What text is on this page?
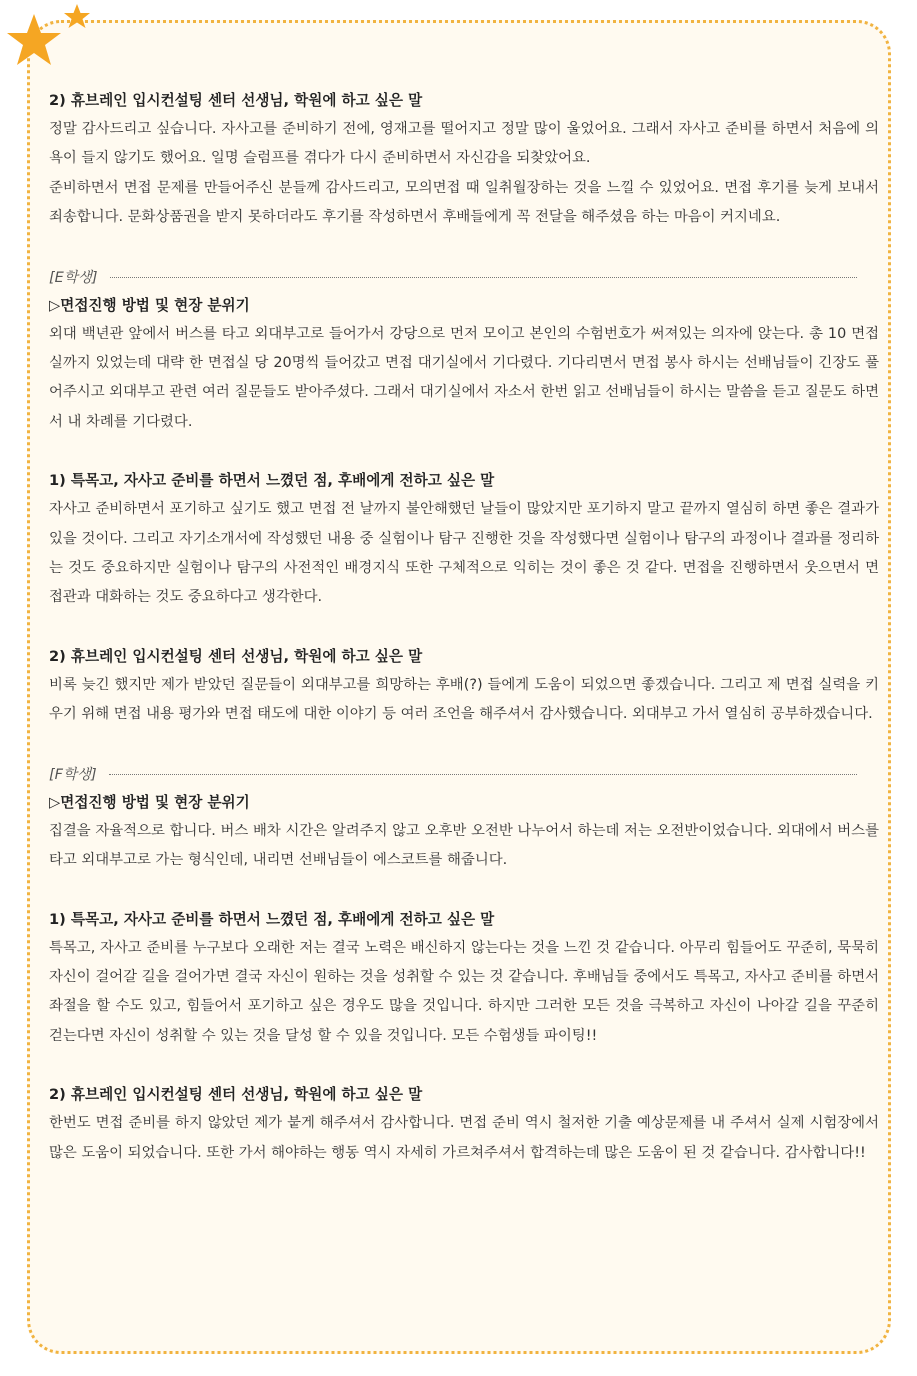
2) 휴브레인 입시컨설팅 센터 선생님, 학원에 하고 싶은 말

정말 감사드리고 싶습니다. 자사고를 준비하기 전에, 영재고를 떨어지고 정말 많이 울었어요. 그래서 자사고 준비를 하면서 처음에 의욕이 들지 않기도 했어요. 일명 슬럼프를 겪다가 다시 준비하면서 자신감을 되찾았어요.

준비하면서 면접 문제를 만들어주신 분들께 감사드리고, 모의면접 때 일취월장하는 것을 느낄 수 있었어요. 면접 후기를 늦게 보내서 죄송합니다. 문화상품권을 받지 못하더라도 후기를 작성하면서 후배들에게 꼭 전달을 해주셨음 하는 마음이 커지네요.

[E학생]

▷면접진행 방법 및 현장 분위기

외대 백년관 앞에서 버스를 타고 외대부고로 들어가서 강당으로 먼저 모이고 본인의 수험번호가 써져있는 의자에 앉는다. 총 10 면접실까지 있었는데 대략 한 면접실 당 20명씩 들어갔고 면접 대기실에서 기다렸다. 기다리면서 면접 봉사 하시는 선배님들이 긴장도 풀어주시고 외대부고 관련 여러 질문들도 받아주셨다. 그래서 대기실에서 자소서 한번 읽고 선배님들이 하시는 말씀을 듣고 질문도 하면서 내 차례를 기다렸다.

1) 특목고, 자사고 준비를 하면서 느꼈던 점, 후배에게 전하고 싶은 말

자사고 준비하면서 포기하고 싶기도 했고 면접 전 날까지 불안해했던 날들이 많았지만 포기하지 말고 끝까지 열심히 하면 좋은 결과가 있을 것이다. 그리고 자기소개서에 작성했던 내용 중 실험이나 탐구 진행한 것을 작성했다면 실험이나 탐구의 과정이나 결과를 정리하는 것도 중요하지만 실험이나 탐구의 사전적인 배경지식 또한 구체적으로 익히는 것이 좋은 것 같다. 면접을 진행하면서 웃으면서 면접관과 대화하는 것도 중요하다고 생각한다.

2) 휴브레인 입시컨설팅 센터 선생님, 학원에 하고 싶은 말

비록 늦긴 했지만 제가 받았던 질문들이 외대부고를 희망하는 후배(?) 들에게 도움이 되었으면 좋겠습니다. 그리고 제 면접 실력을 키우기 위해 면접 내용 평가와 면접 태도에 대한 이야기 등 여러 조언을 해주셔서 감사했습니다. 외대부고 가서 열심히 공부하겠습니다.

[F학생]

▷면접진행 방법 및 현장 분위기

집결을 자율적으로 합니다. 버스 배차 시간은 알려주지 않고 오후반 오전반 나누어서 하는데 저는 오전반이었습니다. 외대에서 버스를 타고 외대부고로 가는 형식인데, 내리면 선배님들이 에스코트를 해줍니다.

1) 특목고, 자사고 준비를 하면서 느꼈던 점, 후배에게 전하고 싶은 말

특목고, 자사고 준비를 누구보다 오래한 저는 결국 노력은 배신하지 않는다는 것을 느낀 것 같습니다. 아무리 힘들어도 꾸준히, 묵묵히 자신이 걸어갈 길을 걸어가면 결국 자신이 원하는 것을 성취할 수 있는 것 같습니다. 후배님들 중에서도 특목고, 자사고 준비를 하면서 좌절을 할 수도 있고, 힘들어서 포기하고 싶은 경우도 많을 것입니다. 하지만 그러한 모든 것을 극복하고 자신이 나아갈 길을 꾸준히 걷는다면 자신이 성취할 수 있는 것을 달성 할 수 있을 것입니다. 모든 수험생들 파이팅!!

2) 휴브레인 입시컨설팅 센터 선생님, 학원에 하고 싶은 말

한번도 면접 준비를 하지 않았던 제가 붙게 해주셔서 감사합니다. 면접 준비 역시 철저한 기출 예상문제를 내 주셔서 실제 시험장에서 많은 도움이 되었습니다. 또한 가서 해야하는 행동 역시 자세히 가르쳐주셔서 합격하는데 많은 도움이 된 것 같습니다. 감사합니다!!
